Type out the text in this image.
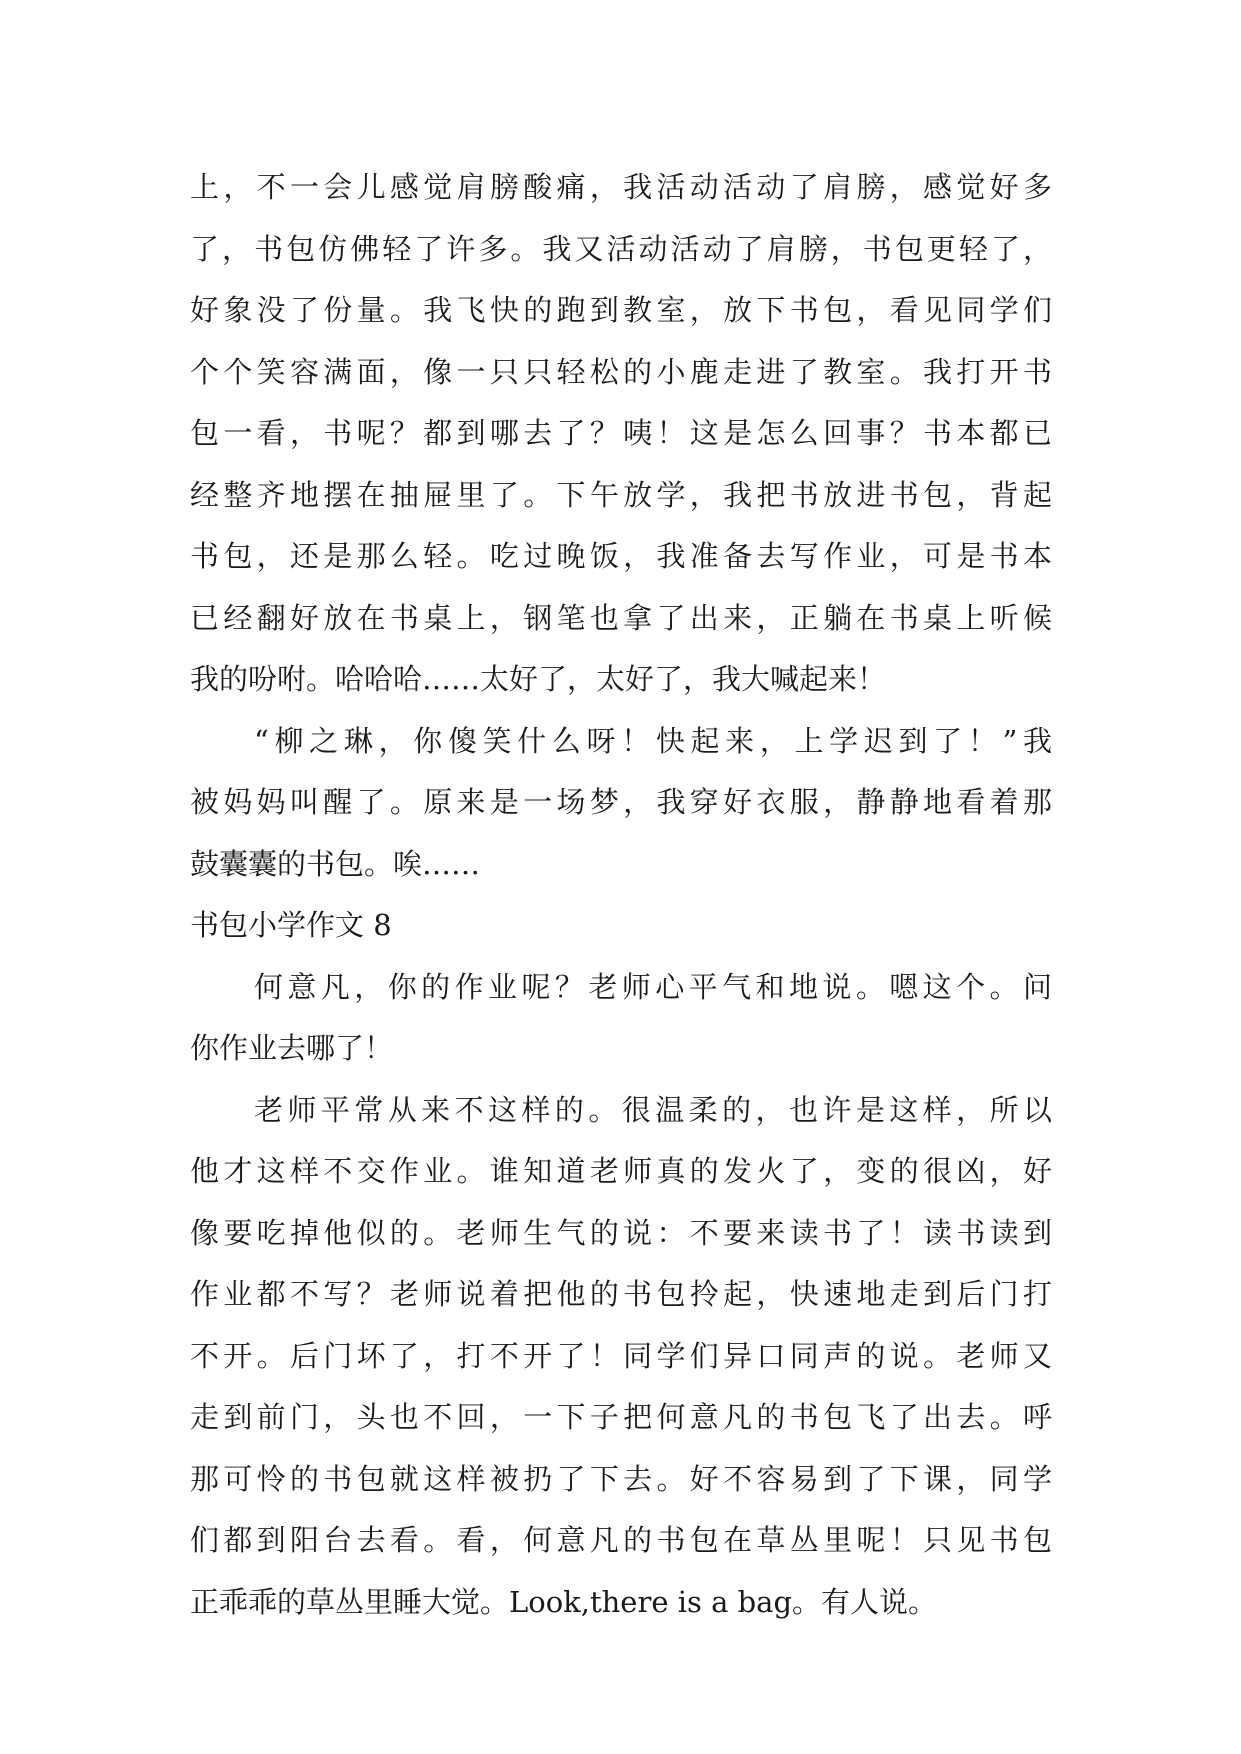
上，不一会儿感觉肩膀酸痛，我活动活动了肩膀，感觉好多
了，书包仿佛轻了许多。我又活动活动了肩膀，书包更轻了，
好象没了份量。我飞快的跑到教室，放下书包，看见同学们
个个笑容满面，像一只只轻松的小鹿走进了教室。我打开书
包一看，书呢？都到哪去了？咦！这是怎么回事？书本都已
经整齐地摆在抽屉里了。下午放学，我把书放进书包，背起
书包，还是那么轻。吃过晚饭，我准备去写作业，可是书本
已经翻好放在书桌上，钢笔也拿了出来，正躺在书桌上听候
我的吩咐。哈哈哈……太好了，太好了，我大喊起来！
“柳之琳，你傻笑什么呀！快起来，上学迟到了！”我
被妈妈叫醒了。原来是一场梦，我穿好衣服，静静地看着那
鼓囊囊的书包。唉……
书包小学作文 8
何意凡，你的作业呢？老师心平气和地说。嗯这个。问
你作业去哪了！
老师平常从来不这样的。很温柔的，也许是这样，所以
他才这样不交作业。谁知道老师真的发火了，变的很凶，好
像要吃掉他似的。老师生气的说：不要来读书了！读书读到
作业都不写？老师说着把他的书包拎起，快速地走到后门打
不开。后门坏了，打不开了！同学们异口同声的说。老师又
走到前门，头也不回，一下子把何意凡的书包飞了出去。呼
那可怜的书包就这样被扔了下去。好不容易到了下课，同学
们都到阳台去看。看，何意凡的书包在草丛里呢！只见书包
正乖乖的草丛里睡大觉。Look,there is a bag。有人说。
